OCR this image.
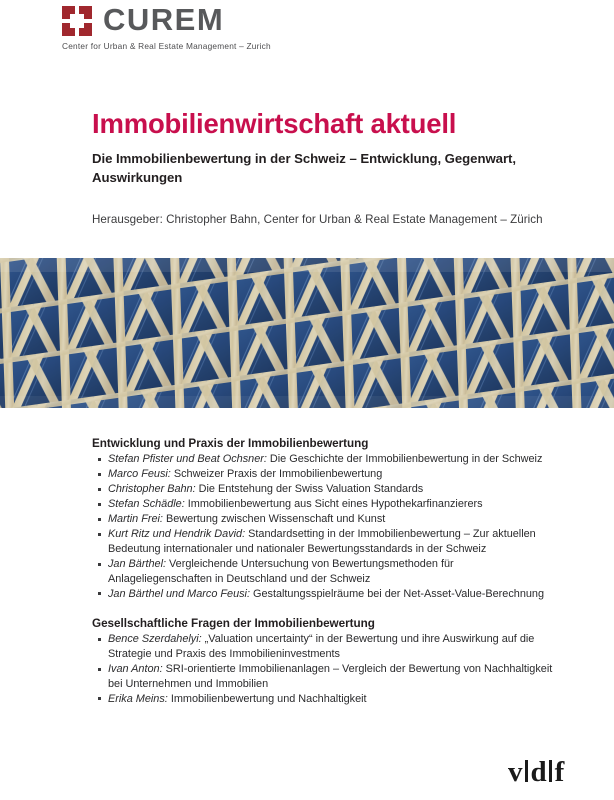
CUREM
Center for Urban & Real Estate Management – Zurich
Immobilienwirtschaft aktuell

Die Immobilienbewertung in der Schweiz – Entwicklung, Gegenwart, Auswirkungen

Herausgeber: Christopher Bahn, Center for Urban & Real Estate Management – Zürich
Entwicklung und Praxis der Immobilienbewertung
Stefan Pfister und Beat Ochsner: Die Geschichte der Immobilienbewertung in der Schweiz
Marco Feusi: Schweizer Praxis der Immobilienbewertung
Christopher Bahn: Die Entstehung der Swiss Valuation Standards
Stefan Schädle: Immobilienbewertung aus Sicht eines Hypothekarfinanzierers
Martin Frei: Bewertung zwischen Wissenschaft und Kunst
Kurt Ritz und Hendrik David: Standardsetting in der Immobilienbewertung – Zur aktuellen Bedeutung internationaler und nationaler Bewertungsstandards in der Schweiz
Jan Bärthel: Vergleichende Untersuchung von Bewertungsmethoden für Anlageliegenschaften in Deutschland und der Schweiz
Jan Bärthel und Marco Feusi: Gestaltungsspielräume bei der Net-Asset-Value-Berechnung
Gesellschaftliche Fragen der Immobilienbewertung
Bence Szerdahelyi: „Valuation uncertainty“ in der Bewertung und ihre Auswirkung auf die Strategie und Praxis des Immobilieninvestments
Ivan Anton: SRI-orientierte Immobilienanlagen – Vergleich der Bewertung von Nachhaltigkeit bei Unternehmen und Immobilien
Erika Meins: Immobilienbewertung und Nachhaltigkeit
v d f
